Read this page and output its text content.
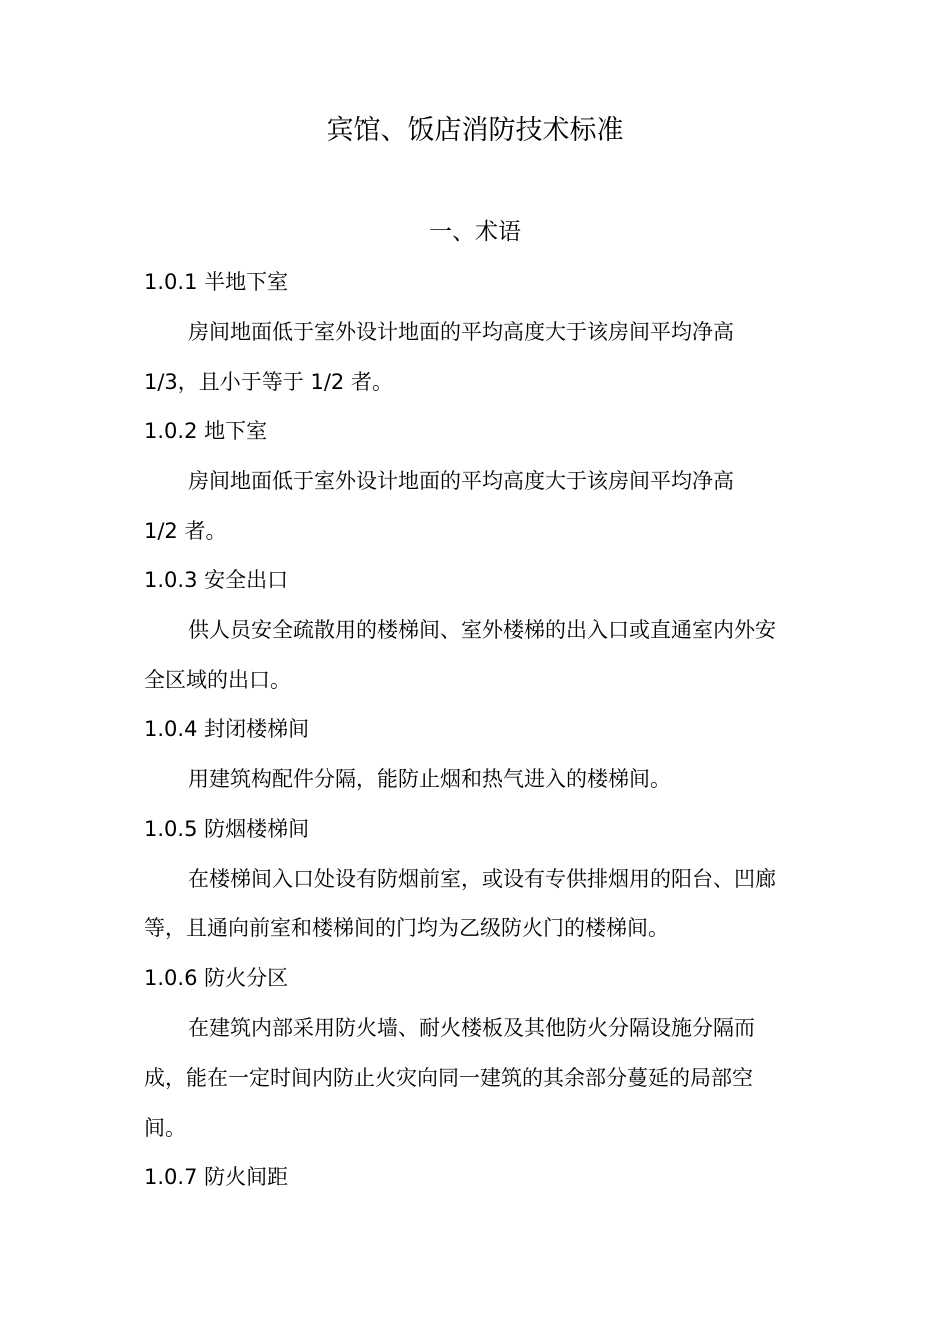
宾馆、饭店消防技术标准
一、术语
1.0.1 半地下室
房间地面低于室外设计地面的平均高度大于该房间平均净高
1/3，且小于等于 1/2 者。
1.0.2 地下室
房间地面低于室外设计地面的平均高度大于该房间平均净高
1/2 者。
1.0.3 安全出口
供人员安全疏散用的楼梯间、室外楼梯的出入口或直通室内外安
全区域的出口。
1.0.4 封闭楼梯间
用建筑构配件分隔，能防止烟和热气进入的楼梯间。
1.0.5 防烟楼梯间
在楼梯间入口处设有防烟前室，或设有专供排烟用的阳台、凹廊
等，且通向前室和楼梯间的门均为乙级防火门的楼梯间。
1.0.6 防火分区
在建筑内部采用防火墙、耐火楼板及其他防火分隔设施分隔而
成，能在一定时间内防止火灾向同一建筑的其余部分蔓延的局部空
间。
1.0.7 防火间距
